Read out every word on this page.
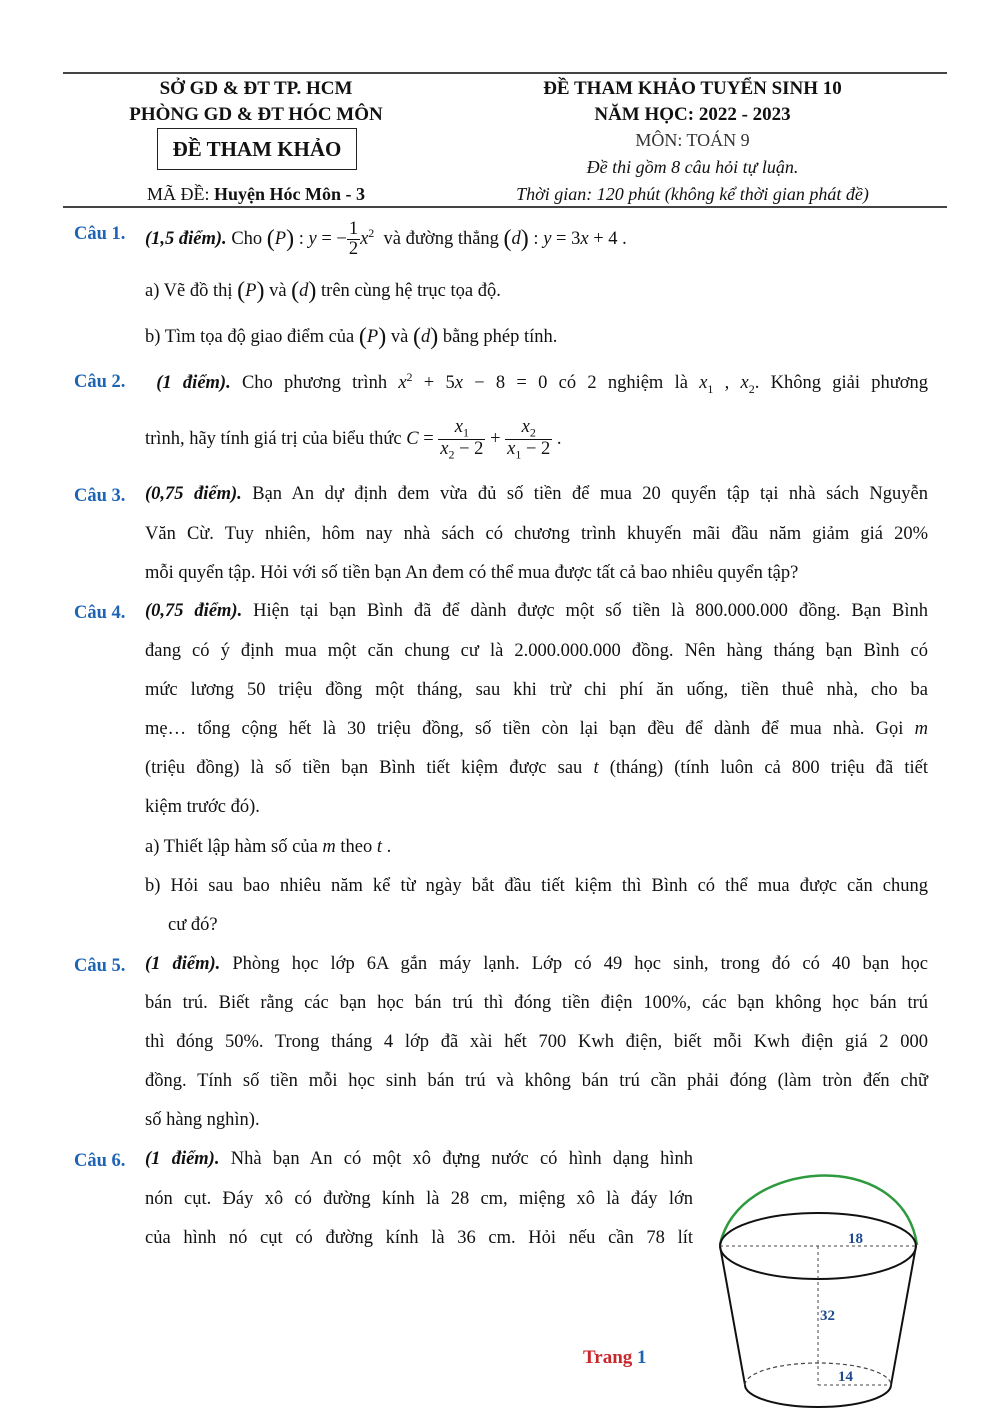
SỞ GD & ĐT TP. HCM
PHÒNG GD & ĐT HÓC MÔN
ĐỀ THAM KHẢO
MÃ ĐỀ: Huyện Hóc Môn - 3
ĐỀ THAM KHẢO TUYỂN SINH 10
NĂM HỌC: 2022 - 2023
MÔN: TOÁN 9
Đề thi gồm 8 câu hỏi tự luận.
Thời gian: 120 phút (không kể thời gian phát đề)
Câu 1. (1,5 điểm). Cho (P) : y = − $\frac{1}{2} x^2$  và đường thẳng (d) : y = 3x + 4 .
a) Vẽ đồ thị (P) và (d) trên cùng hệ trục tọa độ.
b) Tìm tọa độ giao điểm của (P) và (d) bằng phép tính.
Câu 2.	(1 điểm). Cho phương trình $x^2 + 5x - 8 = 0$ có 2 nghiệm là $x_1$ , $x_2$. Không giải phương
trình, hãy tính giá trị của biểu thức $C = \frac{x_1}{x_2 - 2} + \frac{x_2}{x_1 - 2}$ .
Câu 3. (0,75 điểm). Bạn An dự định đem vừa đủ số tiền để mua 20 quyển tập tại nhà sách Nguyễn
Văn Cừ. Tuy nhiên, hôm nay nhà sách có chương trình khuyến mãi đầu năm giảm giá 20%
mỗi quyển tập. Hỏi với số tiền bạn An đem có thể mua được tất cả bao nhiêu quyển tập?
Câu 4. (0,75 điểm). Hiện tại bạn Bình đã để dành được một số tiền là 800.000.000 đồng. Bạn Bình
đang có ý định mua một căn chung cư là 2.000.000.000 đồng. Nên hàng tháng bạn Bình có
mức lương 50 triệu đồng một tháng, sau khi trừ chi phí ăn uống, tiền thuê nhà, cho ba
mẹ… tổng cộng hết là 30 triệu đồng, số tiền còn lại bạn đều để dành để mua nhà. Gọi m
(triệu đồng) là số tiền bạn Bình tiết kiệm được sau t (tháng) (tính luôn cả 800 triệu đã tiết
kiệm trước đó).
a) Thiết lập hàm số của m theo t .
b) Hỏi sau bao nhiêu năm kể từ ngày bắt đầu tiết kiệm thì Bình có thể mua được căn chung
cư đó?
Câu 5. (1 điểm). Phòng học lớp 6A gắn máy lạnh. Lớp có 49 học sinh, trong đó có 40 bạn học
bán trú. Biết rằng các bạn học bán trú thì đóng tiền điện 100%, các bạn không học bán trú
thì đóng 50%. Trong tháng 4 lớp đã xài hết 700 Kwh điện, biết mỗi Kwh điện giá 2 000
đồng. Tính số tiền mỗi học sinh bán trú và không bán trú cần phải đóng (làm tròn đến chữ
số hàng nghìn).
Câu 6. (1 điểm). Nhà bạn An có một xô đựng nước có hình dạng hình
nón cụt. Đáy xô có đường kính là 28 cm, miệng xô là đáy lớn
của hình nó cụt có đường kính là 36 cm. Hỏi nếu cần 78 lít	18
32
14
Trang 1
